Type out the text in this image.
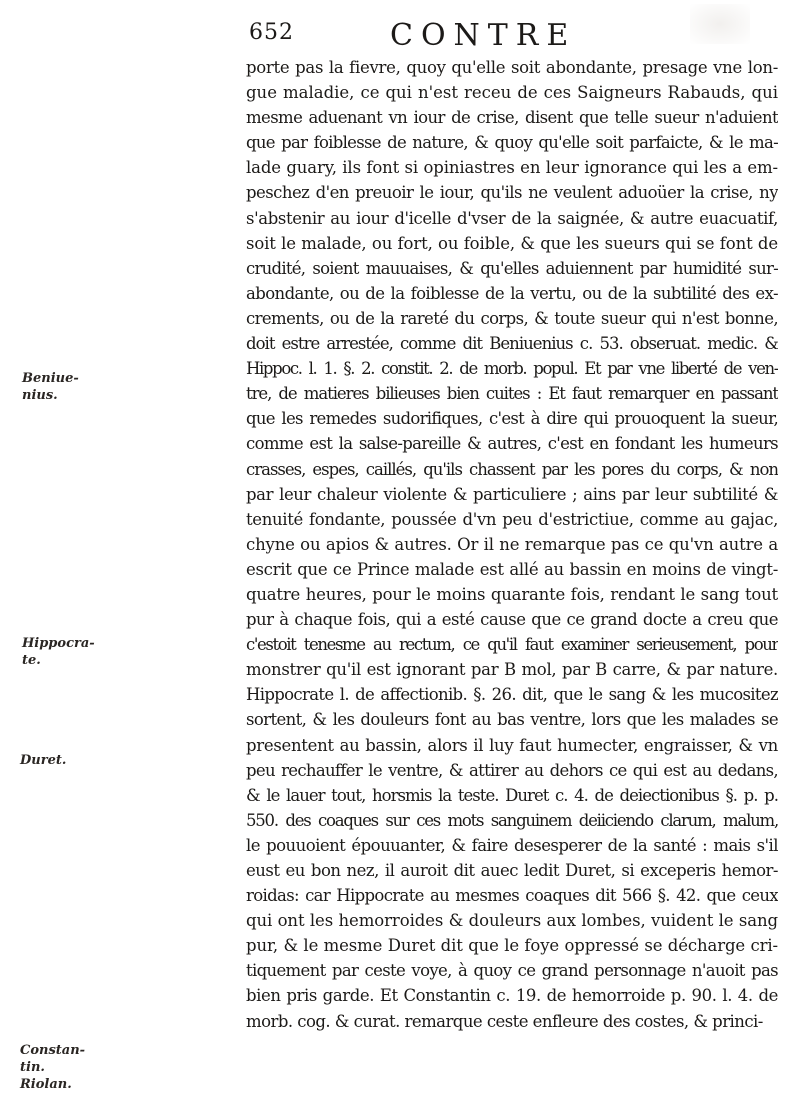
652	CONTRE
Beniue-
nius.
Hippocra-
te.
Duret.
Constan-
tin.
Riolan.
porte pas la fievre, quoy qu'elle soit abondante, presage vne lon-
gue maladie, ce qui n'est receu de ces Saigneurs Rabauds, qui
mesme aduenant vn iour de crise, disent que telle sueur n'aduient
que par foiblesse de nature, & quoy qu'elle soit parfaicte, & le ma-
lade guary, ils font si opiniastres en leur ignorance qui les a em-
peschez d'en preuoir le iour, qu'ils ne veulent aduoüer la crise, ny
s'abstenir au iour d'icelle d'vser de la saignée, & autre euacuatif,
soit le malade, ou fort, ou foible, & que les sueurs qui se font de
crudité, soient mauuaises, & qu'elles aduiennent par humidité sur-
abondante, ou de la foiblesse de la vertu, ou de la subtilité des ex-
crements, ou de la rareté du corps, & toute sueur qui n'est bonne,
doit estre arrestée, comme dit Beniuenius c. 53. obseruat. medic. &
Hippoc. l. 1. §. 2. constit. 2. de morb. popul. Et par vne liberté de ven-
tre, de matieres bilieuses bien cuites : Et faut remarquer en passant
que les remedes sudorifiques, c'est à dire qui prouoquent la sueur,
comme est la salse-pareille & autres, c'est en fondant les humeurs
crasses, espes, caillés, qu'ils chassent par les pores du corps, & non
par leur chaleur violente & particuliere ; ains par leur subtilité &
tenuité fondante, poussée d'vn peu d'estrictiue, comme au gajac,
chyne ou apios & autres. Or il ne remarque pas ce qu'vn autre a
escrit que ce Prince malade est allé au bassin en moins de vingt-
quatre heures, pour le moins quarante fois, rendant le sang tout
pur à chaque fois, qui a esté cause que ce grand docte a creu que
c'estoit tenesme au rectum, ce qu'il faut examiner serieusement, pour
monstrer qu'il est ignorant par B mol, par B carre, & par nature.
Hippocrate l. de affectionib. §. 26. dit, que le sang & les mucositez
sortent, & les douleurs font au bas ventre, lors que les malades se
presentent au bassin, alors il luy faut humecter, engraisser, & vn
peu rechauffer le ventre, & attirer au dehors ce qui est au dedans,
& le lauer tout, horsmis la teste. Duret c. 4. de deiectionibus §. p. p.
550. des coaques sur ces mots sanguinem deiiciendo clarum, malum,
le pouuoient épouuanter, & faire desesperer de la santé : mais s'il
eust eu bon nez, il auroit dit auec ledit Duret, si exceperis hemor-
roidas: car Hippocrate au mesmes coaques dit 566 §. 42. que ceux
qui ont les hemorroides & douleurs aux lombes, vuident le sang
pur, & le mesme Duret dit que le foye oppressé se décharge cri-
tiquement par ceste voye, à quoy ce grand personnage n'auoit pas
bien pris garde. Et Constantin c. 19. de hemorroide p. 90. l. 4. de
morb. cog. & curat. remarque ceste enfleure des costes, & princi-
